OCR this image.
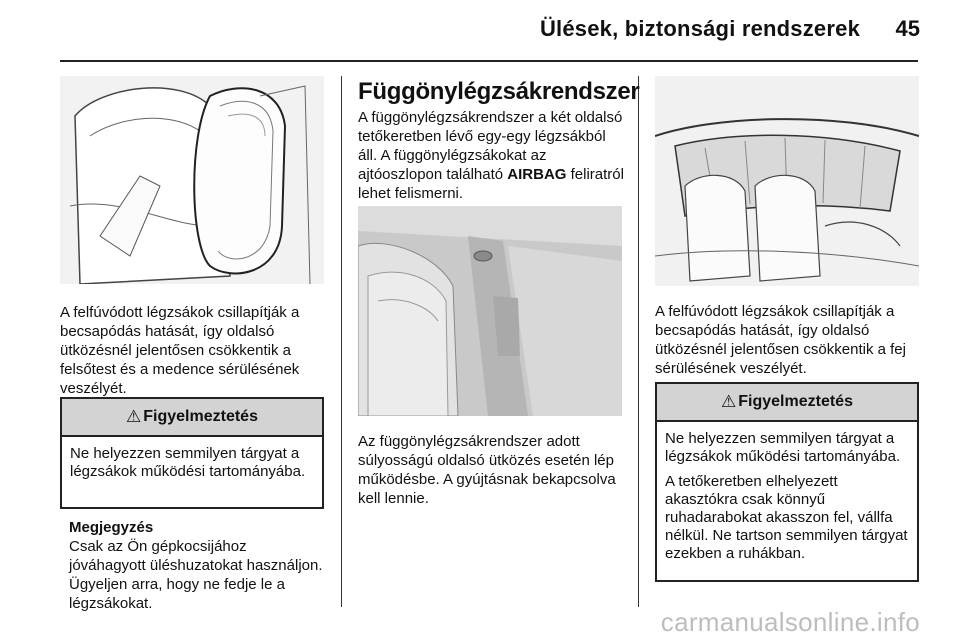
Ülések, biztonsági rendszerek 45

A felfúvódott légzsákok csillapítják a becsapódás hatását, így oldalsó ütközésnél jelentősen csökkentik a felsőtest és a medence sérülésének veszélyét.

⚠ Figyelmeztetés

Ne helyezzen semmilyen tárgyat a légzsákok működési tartományába.

Megjegyzés
Csak az Ön gépkocsijához jóváhagyott üléshuzatokat használjon. Ügyeljen arra, hogy ne fedje le a légzsákokat.
Függönylégzsákrendszer

A függönylégzsákrendszer a két oldalsó tetőkeretben lévő egy-egy légzsákból áll. A függönylégzsákokat az ajtóoszlopon található AIRBAG feliratról lehet felismerni.

Az függönylégzsákrendszer adott súlyosságú oldalsó ütközés esetén lép működésbe. A gyújtásnak bekapcsolva kell lennie.

A felfúvódott légzsákok csillapítják a becsapódás hatását, így oldalsó ütközésnél jelentősen csökkentik a fej sérülésének veszélyét.

⚠ Figyelmeztetés

Ne helyezzen semmilyen tárgyat a légzsákok működési tartományába.

A tetőkeretben elhelyezett akasztókra csak könnyű ruhadarabokat akasszon fel, vállfa nélkül. Ne tartson semmilyen tárgyat ezekben a ruhákban.

carmanualsonline.info
